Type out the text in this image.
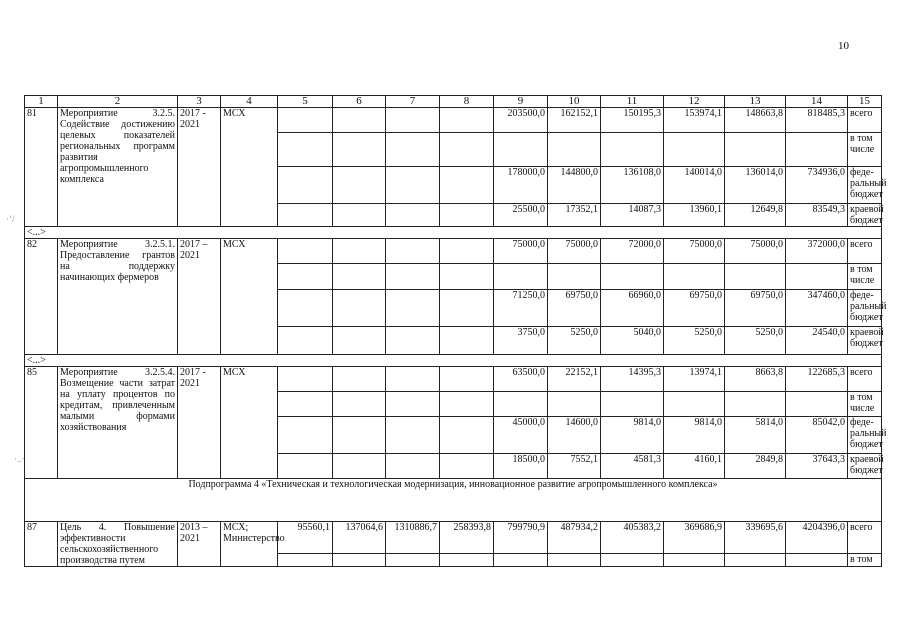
10
·‘/
·..·
1	2	3	4	5	6	7	8	9	10	11	12	13	14	15
81	Мероприятие 3.2.5. Содействие достижению целевых показателей региональных программ развития агропромышленного комплекса	2017 - 2021	МСХ					203500,0	162152,1	150195,3	153974,1	148663,8	818485,3	всего
														в том числе
								178000,0	144800,0	136108,0	140014,0	136014,0	734936,0	феде-ральный бюджет
								25500,0	17352,1	14087,3	13960,1	12649,8	83549,3	краевой бюджет
<...>														
82	Мероприятие 3.2.5.1. Предоставление грантов на поддержку начинающих фермеров	2017 – 2021	МСХ					75000,0	75000,0	72000,0	75000,0	75000,0	372000,0	всего
														в том числе
								71250,0	69750,0	66960,0	69750,0	69750,0	347460,0	феде-ральный бюджет
								3750,0	5250,0	5040,0	5250,0	5250,0	24540,0	краевой бюджет
<...>														
85	Мероприятие 3.2.5.4. Возмещение части затрат на уплату процентов по кредитам, привлеченным малыми формами хозяйствования	2017 - 2021	МСХ					63500,0	22152,1	14395,3	13974,1	8663,8	122685,3	всего
														в том числе
								45000,0	14600,0	9814,0	9814,0	5814,0	85042,0	феде-ральный бюджет
								18500,0	7552,1	4581,3	4160,1	2849,8	37643,3	краевой бюджет
Подпрограмма 4 «Техническая и технологическая модернизация, инновационное развитие агропромышленного комплекса»														
87	Цель 4. Повышение эффективности сельскохозяйственного производства путем	2013 – 2021	МСХ; Министерство	95560,1	137064,6	1310886,7	258393,8	799790,9	487934,2	405383,2	369686,9	339695,6	4204396,0	всего
														в том
